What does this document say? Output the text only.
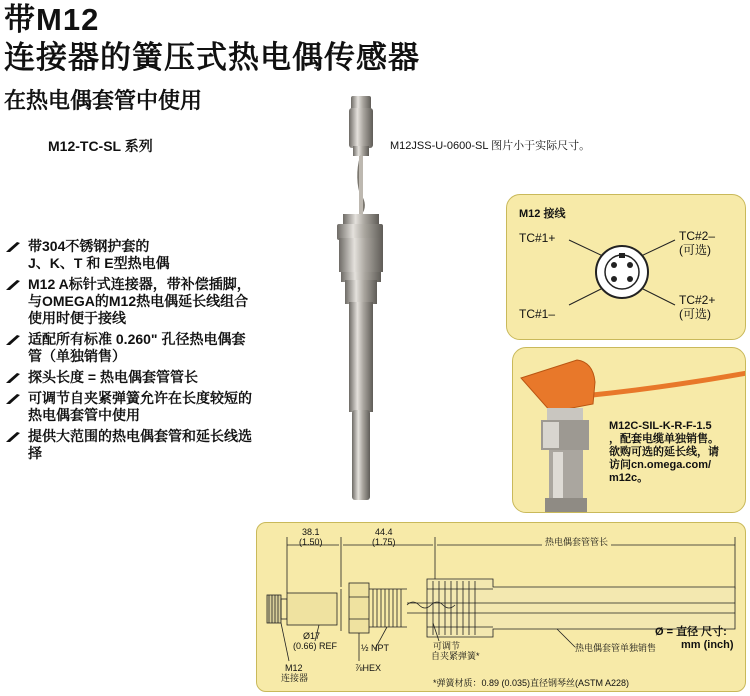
带M12
连接器的簧压式热电偶传感器
在热电偶套管中使用
M12-TC-SL 系列	M12JSS-U-0600-SL 图片小于实际尺寸。
带304不锈钢护套的
J、K、T 和 E型热电偶
M12 A标针式连接器，带补偿插脚，与OMEGA的M12热电偶延长线组合使用时便于接线
适配所有标准 0.260" 孔径热电偶套管（单独销售）
探头长度 = 热电偶套管管长
可调节自夹紧弹簧允许在长度较短的热电偶套管中使用
提供大范围的热电偶套管和延长线选择
M12 接线
TC#1+
TC#1–
TC#2–
(可选)
TC#2+
(可选)
M12C-SIL-K-R-F-1.5
，配套电缆单独销售。
欲购可选的延长线，请
访问cn.omega.com/
m12c。
38.1
(1.50)
44.4
(1.75)	热电偶套管管长
Ø17
(0.66) REF	½ NPT
⅞HEX
可调节
自夹紧弹簧*
热电偶套管单独销售
Ø = 直径 尺寸:
mm (inch)
M12
连接器	*弹簧材质：0.89 (0.035)直径钢琴丝(ASTM A228)
